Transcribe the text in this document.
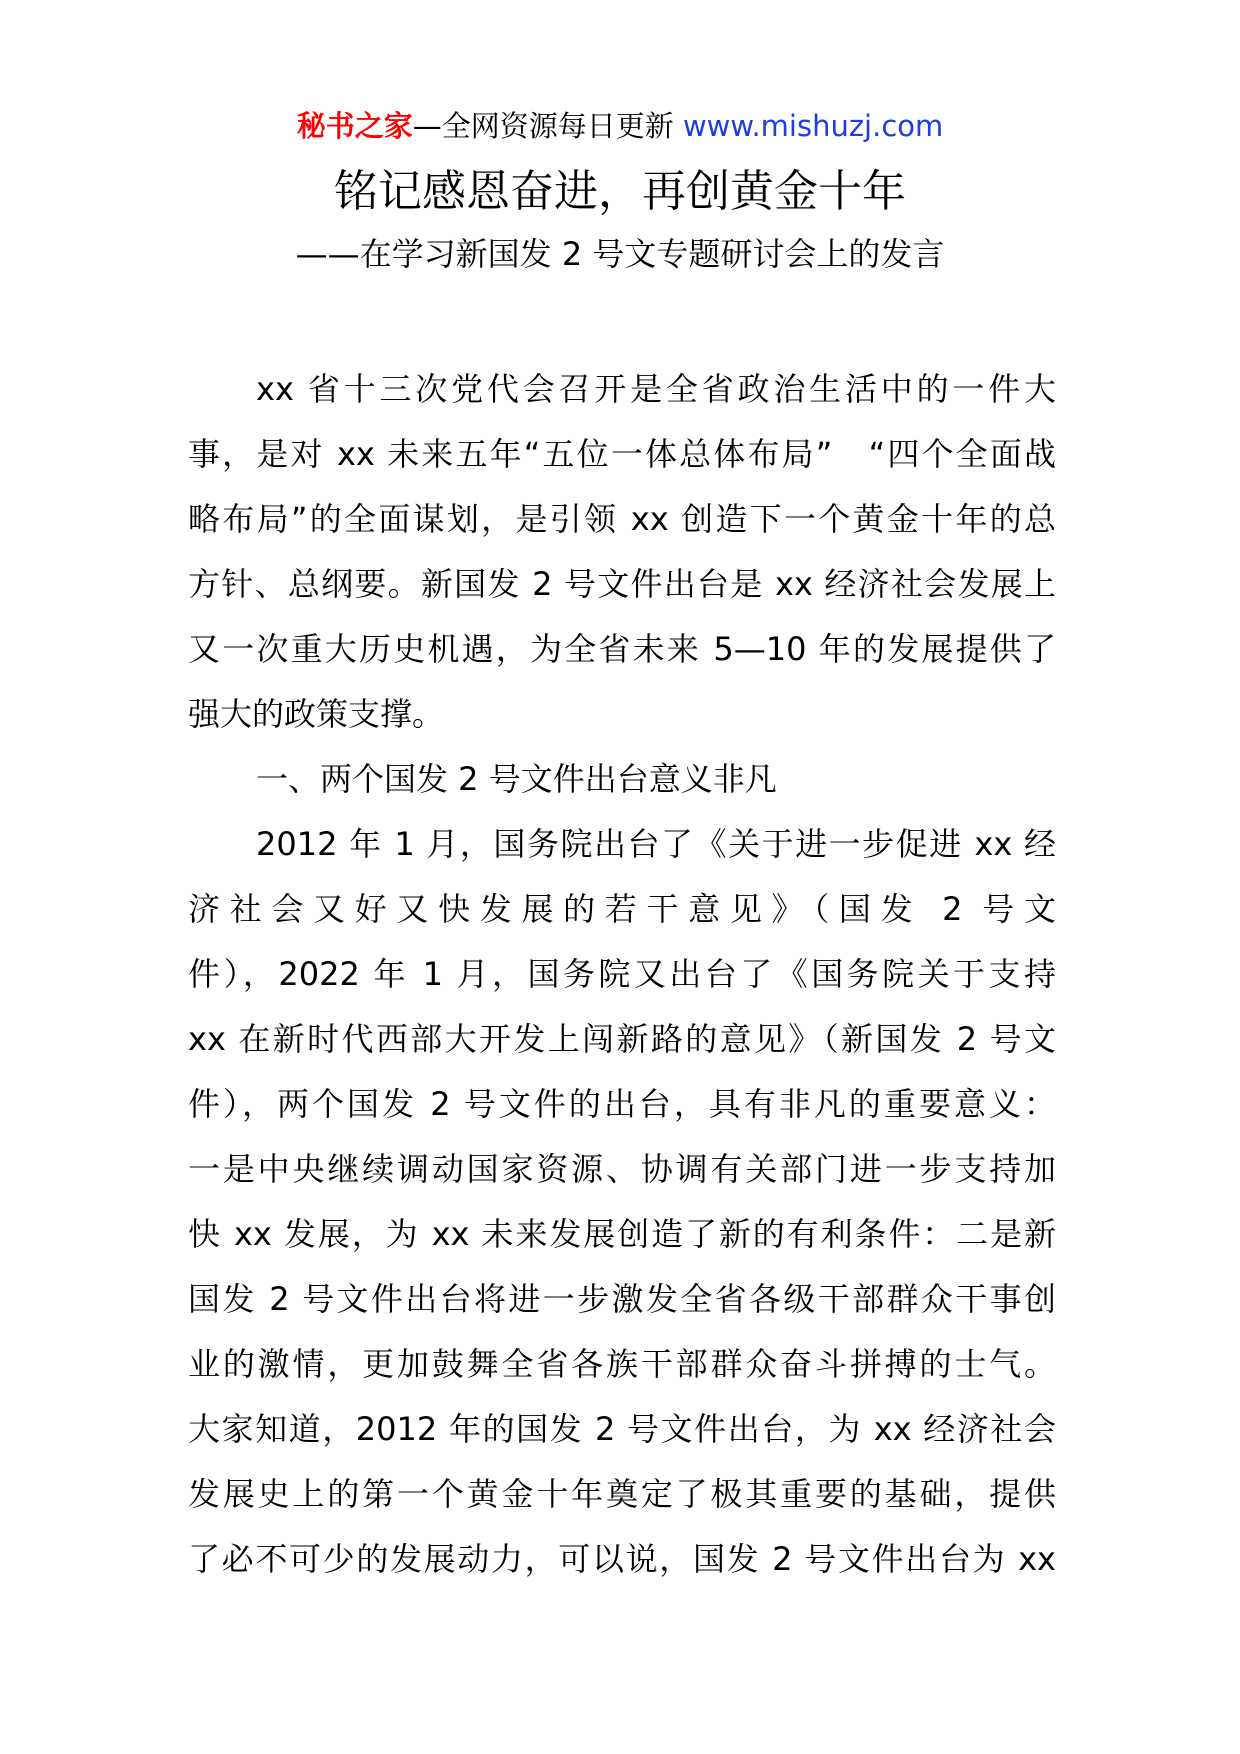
秘书之家—全网资源每日更新 www.mishuzj.com
铭记感恩奋进，再创黄金十年
——在学习新国发 2 号文专题研讨会上的发言
xx 省十三次党代会召开是全省政治生活中的一件大
事，是对 xx 未来五年“五位一体总体布局”　“四个全面战
略布局”的全面谋划，是引领 xx 创造下一个黄金十年的总
方针、总纲要。新国发 2 号文件出台是 xx 经济社会发展上
又一次重大历史机遇，为全省未来 5—10 年的发展提供了
强大的政策支撑。
一、两个国发 2 号文件出台意义非凡
2012 年 1 月，国务院出台了《关于进一步促进 xx 经
济社会又好又快发展的若干意见》（国发 2 号文
件），2022 年 1 月，国务院又出台了《国务院关于支持
xx 在新时代西部大开发上闯新路的意见》（新国发 2 号文
件），两个国发 2 号文件的出台，具有非凡的重要意义：
一是中央继续调动国家资源、协调有关部门进一步支持加
快 xx 发展，为 xx 未来发展创造了新的有利条件：二是新
国发 2 号文件出台将进一步激发全省各级干部群众干事创
业的激情，更加鼓舞全省各族干部群众奋斗拼搏的士气。
大家知道，2012 年的国发 2 号文件出台，为 xx 经济社会
发展史上的第一个黄金十年奠定了极其重要的基础，提供
了必不可少的发展动力，可以说，国发 2 号文件出台为 xx
